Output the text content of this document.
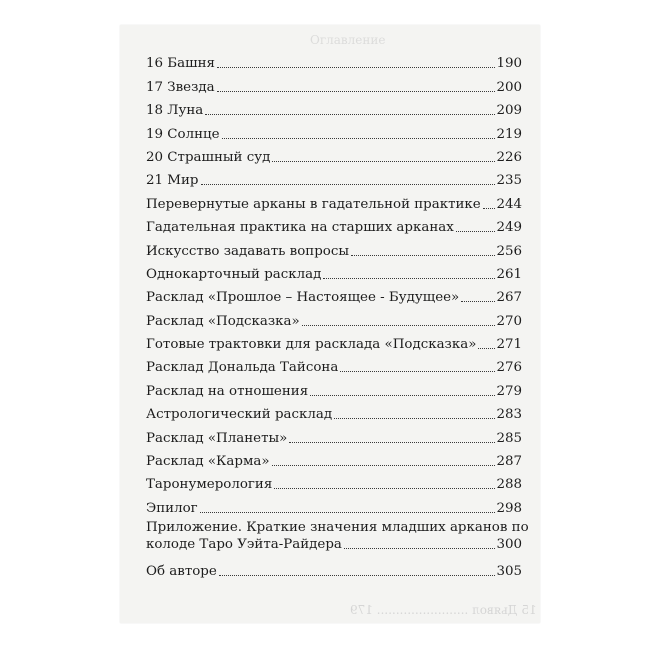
Оглавление
15 Дьявол ........................ 179
16 Башня	190
17 Звезда	200
18 Луна	209
19 Солнце	219
20 Страшный суд	226
21 Мир	235
Перевернутые арканы в гадательной практике 244
Гадательная практика на старших арканах	249
Искусство задавать вопросы	256
Однокарточный расклад	261
Расклад «Прошлое – Настоящее - Будущее»	267
Расклад «Подсказка»	270
Готовые трактовки для расклада «Подсказка» 271
Расклад Дональда Тайсона	276
Расклад на отношения	279
Астрологический расклад	283
Расклад «Планеты»	285
Расклад «Карма»	287
Таронумерология	288
Эпилог	298
Приложение. Краткие значения младших арканов по
колоде Таро Уэйта-Райдера	300
Об авторе	305
